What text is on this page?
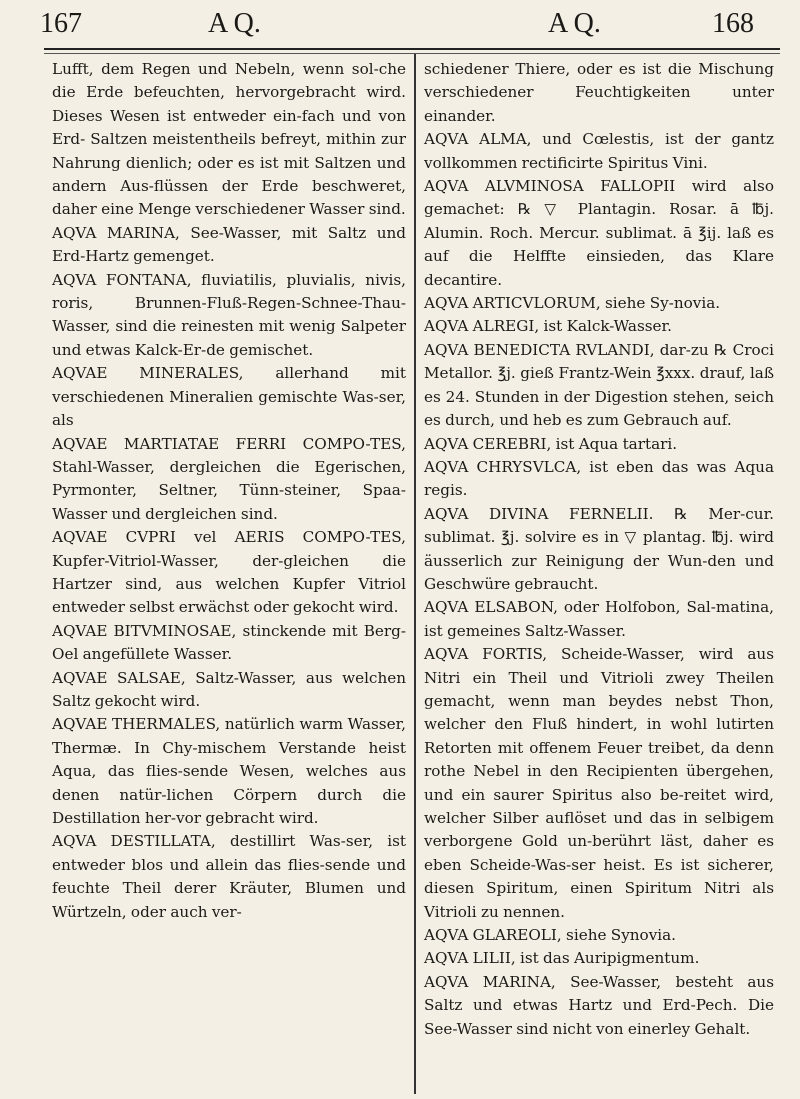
167	A Q.	A Q.	168

Lufft, dem Regen und Nebeln, wenn sol-che die Erde befeuchten, hervorgebracht wird. Dieses Wesen ist entweder ein-fach und von Erd- Saltzen meistentheils befreyt, mithin zur Nahrung dienlich; oder es ist mit Saltzen und andern Aus-flüssen der Erde beschweret, daher eine Menge verschiedener Wasser sind.

AQVA MARINA, See-Wasser, mit Saltz und Erd-Hartz gemenget.

AQVA FONTANA, fluviatilis, pluvialis, nivis, roris, Brunnen-Fluß-Regen-Schnee-Thau-Wasser, sind die reinesten mit wenig Salpeter und etwas Kalck-Er-de gemischet.

AQVAE MINERALES, allerhand mit verschiedenen Mineralien gemischte Was-ser, als

AQVAE MARTIATAE FERRI COMPO-TES, Stahl-Wasser, dergleichen die Egerischen, Pyrmonter, Seltner, Tünn-steiner, Spaa-Wasser und dergleichen sind.

AQVAE CVPRI vel AERIS COMPO-TES, Kupfer-Vitriol-Wasser, der-gleichen die Hartzer sind, aus welchen Kupfer Vitriol entweder selbst erwächst oder gekocht wird.

AQVAE BITVMINOSAE, stinckende mit Berg-Oel angefüllete Wasser.

AQVAE SALSAE, Saltz-Wasser, aus welchen Saltz gekocht wird.

AQVAE THERMALES, natürlich warm Wasser, Thermæ. In Chy-mischem Verstande heist Aqua, das flies-sende Wesen, welches aus denen natür-lichen Cörpern durch die Destillation her-vor gebracht wird.

AQVA DESTILLATA, destillirt Was-ser, ist entweder blos und allein das flies-sende und feuchte Theil derer Kräuter, Blumen und Würtzeln, oder auch ver-

schiedener Thiere, oder es ist die Mischung verschiedener Feuchtigkeiten unter einander.

AQVA ALMA, und Cœlestis, ist der gantz vollkommen rectificirte Spiritus Vini.

AQVA ALVMINOSA FALLOPII wird also gemachet: ℞ ▽ Plantagin. Rosar. ā ℔j. Alumin. Roch. Mercur. sublimat. ā ℥ij. laß es auf die Helffte einsieden, das Klare decantire.

AQVA ARTICVLORUM, siehe Sy-novia.

AQVA ALREGI, ist Kalck-Wasser.

AQVA BENEDICTA RVLANDI, dar-zu ℞ Croci Metallor. ℥j. gieß Frantz-Wein ℥xxx. drauf, laß es 24. Stunden in der Digestion stehen, seich es durch, und heb es zum Gebrauch auf.

AQVA CEREBRI, ist Aqua tartari.

AQVA CHRYSVLCA, ist eben das was Aqua regis.

AQVA DIVINA FERNELII. ℞ Mer-cur. sublimat. ℥j. solvire es in ▽ plantag. ℔j. wird äusserlich zur Reinigung der Wun-den und Geschwüre gebraucht.

AQVA ELSABON, oder Holfobon, Sal-matina, ist gemeines Saltz-Wasser.

AQVA FORTIS, Scheide-Wasser, wird aus Nitri ein Theil und Vitrioli zwey Theilen gemacht, wenn man beydes nebst Thon, welcher den Fluß hindert, in wohl lutirten Retorten mit offenem Feuer treibet, da denn rothe Nebel in den Recipienten übergehen, und ein saurer Spiritus also be-reitet wird, welcher Silber auflöset und das in selbigem verborgene Gold un-berührt läst, daher es eben Scheide-Was-ser heist. Es ist sicherer, diesen Spiritum, einen Spiritum Nitri als Vitrioli zu nennen.

AQVA GLAREOLI, siehe Synovia.

AQVA LILII, ist das Auripigmentum.

AQVA MARINA, See-Wasser, besteht aus Saltz und etwas Hartz und Erd-Pech. Die See-Wasser sind nicht von einerley Gehalt.
